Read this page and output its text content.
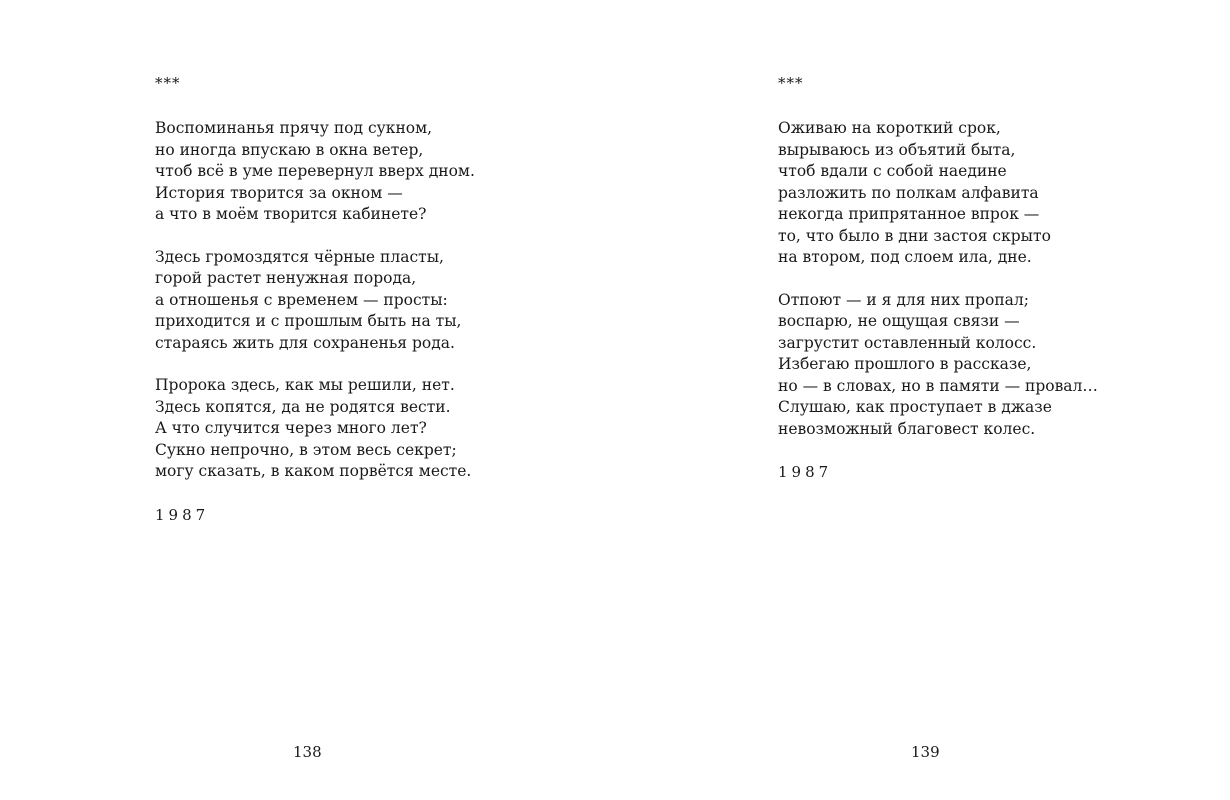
***
Воспоминанья прячу под сукном,
но иногда впускаю в окна ветер,
чтоб всё в уме перевернул вверх дном.
История творится за окном —
а что в моём творится кабинете?
Здесь громоздятся чёрные пласты,
горой растет ненужная порода,
а отношенья с временем — просты:
приходится и с прошлым быть на ты,
стараясь жить для сохраненья рода.
Пророка здесь, как мы решили, нет.
Здесь копятся, да не родятся вести.
А что случится через много лет?
Сукно непрочно, в этом весь секрет;
могу сказать, в каком порвётся месте.
1987
138
***
Оживаю на короткий срок,
вырываюсь из объятий быта,
чтоб вдали с собой наедине
разложить по полкам алфавита
некогда припрятанное впрок —
то, что было в дни застоя скрыто
на втором, под слоем ила, дне.
Отпоют — и я для них пропал;
воспарю, не ощущая связи —
загрустит оставленный колосс.
Избегаю прошлого в рассказе,
но — в словах, но в памяти — провал…
Слушаю, как проступает в джазе
невозможный благовест колес.
1987
139
